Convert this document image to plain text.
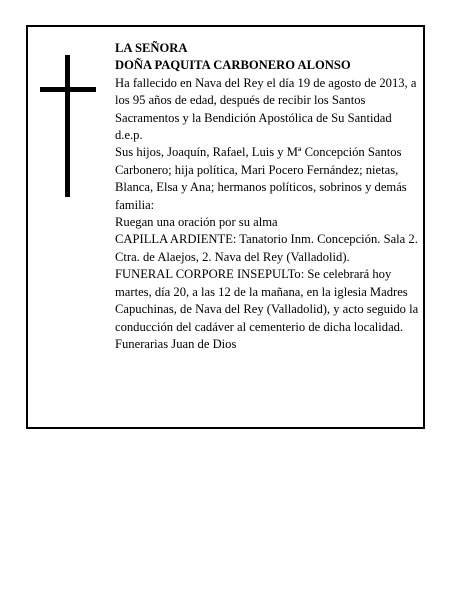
LA SEÑORA
DOÑA PAQUITA CARBONERO ALONSO
Ha fallecido en Nava del Rey el día 19 de agosto de 2013, a los 95 años de edad, después de recibir los Santos Sacramentos y la Bendición Apostólica de Su Santidad
d.e.p.
Sus hijos, Joaquín, Rafael, Luis y Mª Concepción Santos Carbonero; hija política, Mari Pocero Fernández; nietas, Blanca, Elsa y Ana; hermanos políticos, sobrinos y demás familia:
Ruegan una oración por su alma
CAPILLA ARDIENTE: Tanatorio Inm. Concepción. Sala 2. Ctra. de Alaejos, 2. Nava del Rey (Valladolid).
FUNERAL CORPORE INSEPULTo: Se celebrará hoy martes, día 20, a las 12 de la mañana, en la iglesia Madres Capuchinas, de Nava del Rey (Valladolid), y acto seguido la conducción del cadáver al cementerio de dicha localidad.
Funerarias Juan de Dios
